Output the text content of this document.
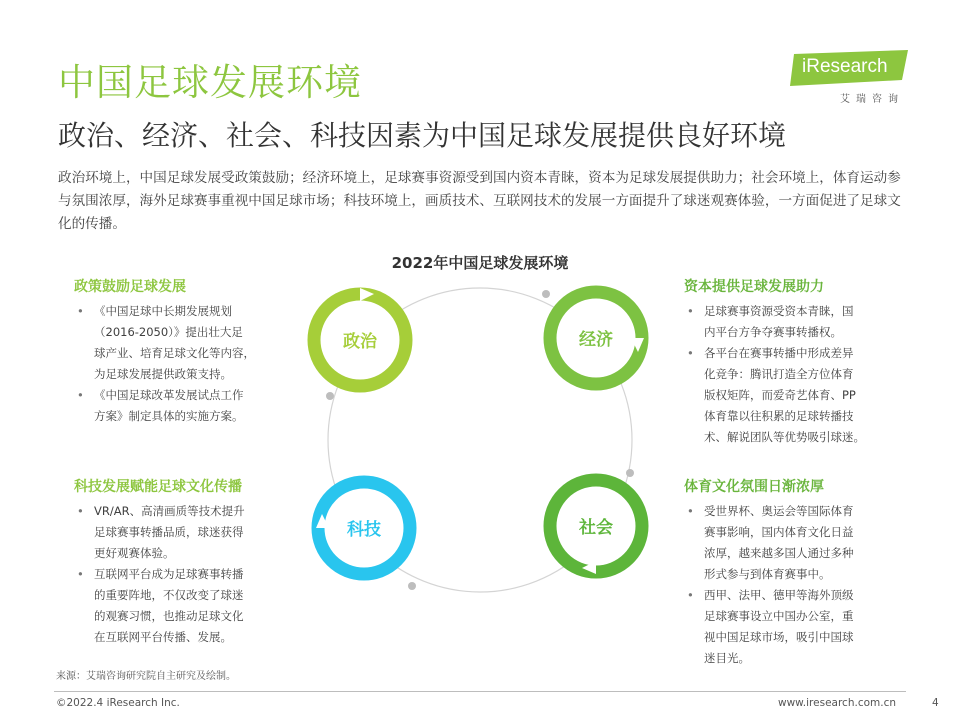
中国足球发展环境
政治、经济、社会、科技因素为中国足球发展提供良好环境
政治环境上，中国足球发展受政策鼓励；经济环境上，足球赛事资源受到国内资本青睐，资本为足球发展提供助力；社会环境上，体育运动参与氛围浓厚，海外足球赛事重视中国足球市场；科技环境上，画质技术、互联网技术的发展一方面提升了球迷观赛体验，一方面促进了足球文化的传播。
iResearch
艾瑞咨询
2022年中国足球发展环境
政治	经济
科技	社会
政策鼓励足球发展
• 《中国足球中长期发展规划
（2016-2050）》提出壮大足
球产业、培育足球文化等内容，
为足球发展提供政策支持。
• 《中国足球改革发展试点工作
方案》制定具体的实施方案。
科技发展赋能足球文化传播
• VR/AR、高清画质等技术提升
足球赛事转播品质，球迷获得
更好观赛体验。
• 互联网平台成为足球赛事转播
的重要阵地，不仅改变了球迷
的观赛习惯，也推动足球文化
在互联网平台传播、发展。
资本提供足球发展助力
• 足球赛事资源受资本青睐，国
内平台方争夺赛事转播权。
• 各平台在赛事转播中形成差异
化竞争：腾讯打造全方位体育
版权矩阵，而爱奇艺体育、PP
体育靠以往积累的足球转播技
术、解说团队等优势吸引球迷。
体育文化氛围日渐浓厚
• 受世界杯、奥运会等国际体育
赛事影响，国内体育文化日益
浓厚，越来越多国人通过多种
形式参与到体育赛事中。
• 西甲、法甲、德甲等海外顶级
足球赛事设立中国办公室，重
视中国足球市场，吸引中国球
迷目光。
来源：艾瑞咨询研究院自主研究及绘制。
©2022.4 iResearch Inc.	www.iresearch.com.cn	4
